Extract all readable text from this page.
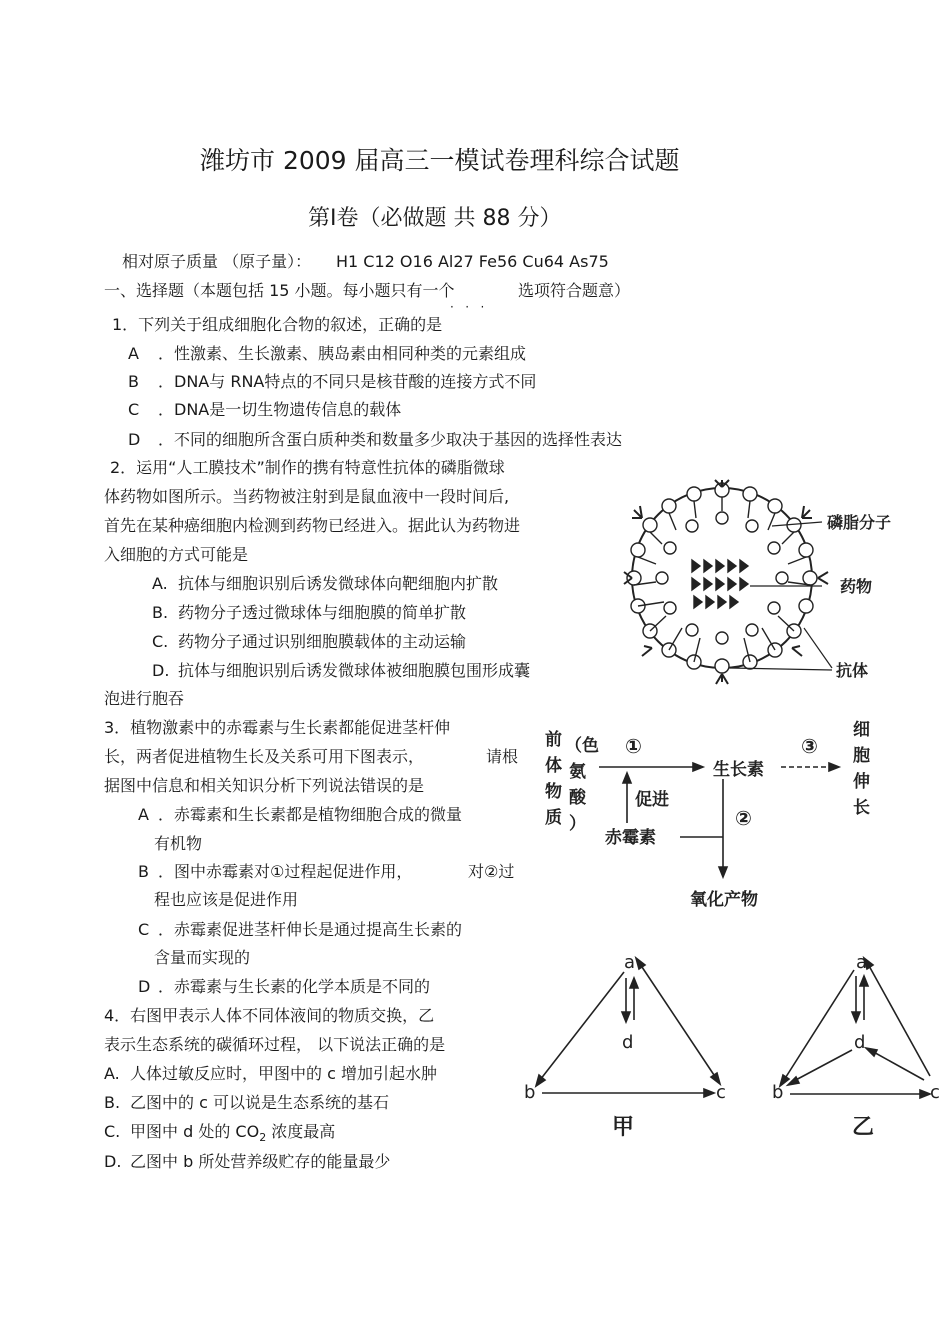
潍坊市 2009 届高三一模试卷理科综合试题
第Ⅰ卷（必做题 共 88 分）
相对原子质量 （原子量）： H1 C12 O16 Al27 Fe56 Cu64 As75
一、选择题（本题包括 15 小题。每小题只有一个
·   ·   ·
选项符合题意）
1．下列关于组成细胞化合物的叙述，正确的是
A ．性激素、生长激素、胰岛素由相同种类的元素组成
B ．DNA与 RNA特点的不同只是核苷酸的连接方式不同
C ．DNA是一切生物遗传信息的载体
D ．不同的细胞所含蛋白质种类和数量多少取决于基因的选择性表达
2．运用“人工膜技术”制作的携有特意性抗体的磷脂微球
体药物如图所示。当药物被注射到是鼠血液中一段时间后,
首先在某种癌细胞内检测到药物已经进入。据此认为药物进
入细胞的方式可能是
A. 抗体与细胞识别后诱发微球体向靶细胞内扩散
B. 药物分子透过微球体与细胞膜的简单扩散
C. 药物分子通过识别细胞膜载体的主动运输
D. 抗体与细胞识别后诱发微球体被细胞膜包围形成囊
泡进行胞吞
磷脂分子
药物
抗体
3．植物激素中的赤霉素与生长素都能促进茎杆伸
长，两者促进植物生长及关系可用下图表示，	请根
据图中信息和相关知识分析下列说法错误的是
A ．赤霉素和生长素都是植物细胞合成的微量
有机物
B ．图中赤霉素对①过程起促进作用，	对②过
程也应该是促进作用
C ．赤霉素促进茎杆伸长是通过提高生长素的
含量而实现的
D ．赤霉素与生长素的化学本质是不同的
前
体
物
质
（色
氨
酸
）
①
生长素
③
细
胞
伸
长
促进
赤霉素
②
氧化产物
4．右图甲表示人体不同体液间的物质交换，乙
表示生态系统的碳循环过程， 以下说法正确的是
A. 人体过敏反应时，甲图中的 c 增加引起水肿
B. 乙图中的 c 可以说是生态系统的基石
C. 甲图中 d 处的 $CO_2$ 浓度最高
D. 乙图中 b 所处营养级贮存的能量最少
a
d
b	c
a
d
b	c
甲	乙
